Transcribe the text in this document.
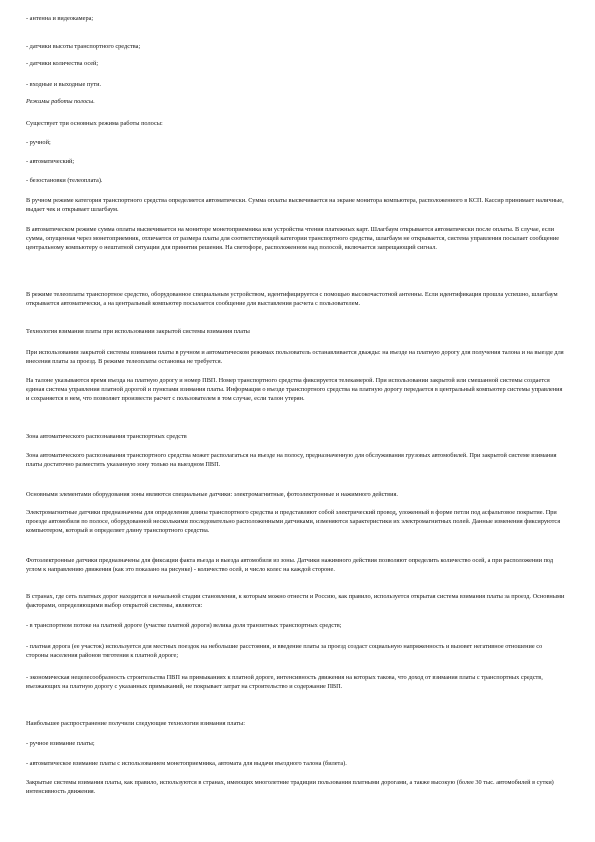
- антенна и видеокамера;

- датчики высоты транспортного средства;

- датчики количества осей;

- входные и выходные пути.

Режимы работы полосы.

Существует три основных режима работы полосы:

- ручной;

- автоматический;

- безостановки (телеоплата).

В ручном режиме категория транспортного средства определяется автоматически. Сумма оплаты высвечивается на экране монитора компьютера, расположенного в КСП. Кассир принимает наличные, выдает чек и открывает шлагбаум.

В автоматическом режиме сумма оплаты высвечивается на мониторе монетоприемника или устройства чтения платежных карт. Шлагбаум открывается автоматически после оплаты. В случае, если сумма, опущенная через монетоприемник, отличается от размера платы для соответствующей категории транспортного средства, шлагбаум не открывается, система управления посылает сообщение центральному компьютеру о нештатной ситуации для принятия решения. На светофоре, расположенном над полосой, включается запрещающий сигнал.

В режиме телеоплаты транспортное средство, оборудованное специальным устройством, идентифицируется с помощью высокочастотной антенны. Если идентификация прошла успешно, шлагбаум открывается автоматически, а на центральный компьютер посылается сообщение для выставления расчета с пользователем.

Технология взимания платы при использовании закрытой системы взимания платы

При использовании закрытой системы взимания платы в ручном и автоматическом режимах пользователь останавливается дважды: на въезде на платную дорогу для получения талона и на выезде для внесения платы за проезд. В режиме телеоплаты остановка не требуется.

На талоне указываются время въезда на платную дорогу и номер ПВП. Номер транспортного средства фиксируется телекамерой. При использовании закрытой или смешанной системы создается единая система управления платной дорогой и пунктами взимания платы. Информация о въезде транспортного средства на платную дорогу передается в центральный компьютер системы управления и сохраняется в нем, что позволяет произвести расчет с пользователем в том случае, если талон утерян.

Зона автоматического распознавания транспортных средств

Зона автоматического распознавания транспортного средства может располагаться на въезде на полосу, предназначенную для обслуживания грузовых автомобилей. При закрытой системе взимания платы достаточно разместить указанную зону только на выездном ПВП.

Основными элементами оборудования зоны являются специальные датчики: электромагнитные, фотоэлектронные и нажимного действия.

Электромагнитные датчики предназначены для определения длины транспортного средства и представляют собой электрический провод, уложенный в форме петли под асфальтовое покрытие. При проезде автомобиля по полосе, оборудованной несколькими последовательно расположенными датчиками, изменяются характеристики их электромагнитных полей. Данные изменения фиксируются компьютером, который и определяет длину транспортного средства.

Фотоэлектронные датчики предназначены для фиксации факта въезда и выезда автомобиля из зоны. Датчики нажимного действия позволяют определить количество осей, а при расположении под углом к направлению движения (как это показано на рисунке) - количество осей, и число колес на каждой стороне.

В странах, где сеть платных дорог находится в начальной стадии становления, к которым можно отнести и Россию, как правило, используется открытая система взимания платы за проезд. Основными факторами, определяющими выбор открытой системы, являются:

- в транспортном потоке на платной дороге (участке платной дороги) велика доля транзитных транспортных средств;

- платная дорога (ее участок) используется для местных поездок на небольшие расстояния, и введение платы за проезд создаст социальную напряженность и вызовет негативное отношение со стороны населения районов тяготения к платной дороге;

- экономическая нецелесообразность строительства ПВП на примыканиях к платной дороге, интенсивность движения на которых такова, что доход от взимания платы с транспортных средств, въезжающих на платную дорогу с указанных примыканий, не покрывает затрат на строительство и содержание ПВП.

Наибольшее распространение получили следующие технологии взимания платы:

- ручное взимание платы;

- автоматическое взимание платы с использованием монетоприемника, автомата для выдачи въездного талона (билета).

Закрытые системы взимания платы, как правило, используются в странах, имеющих многолетние традиции пользования платными дорогами, а также высокую (более 30 тыс. автомобилей в сутки) интенсивность движения.
